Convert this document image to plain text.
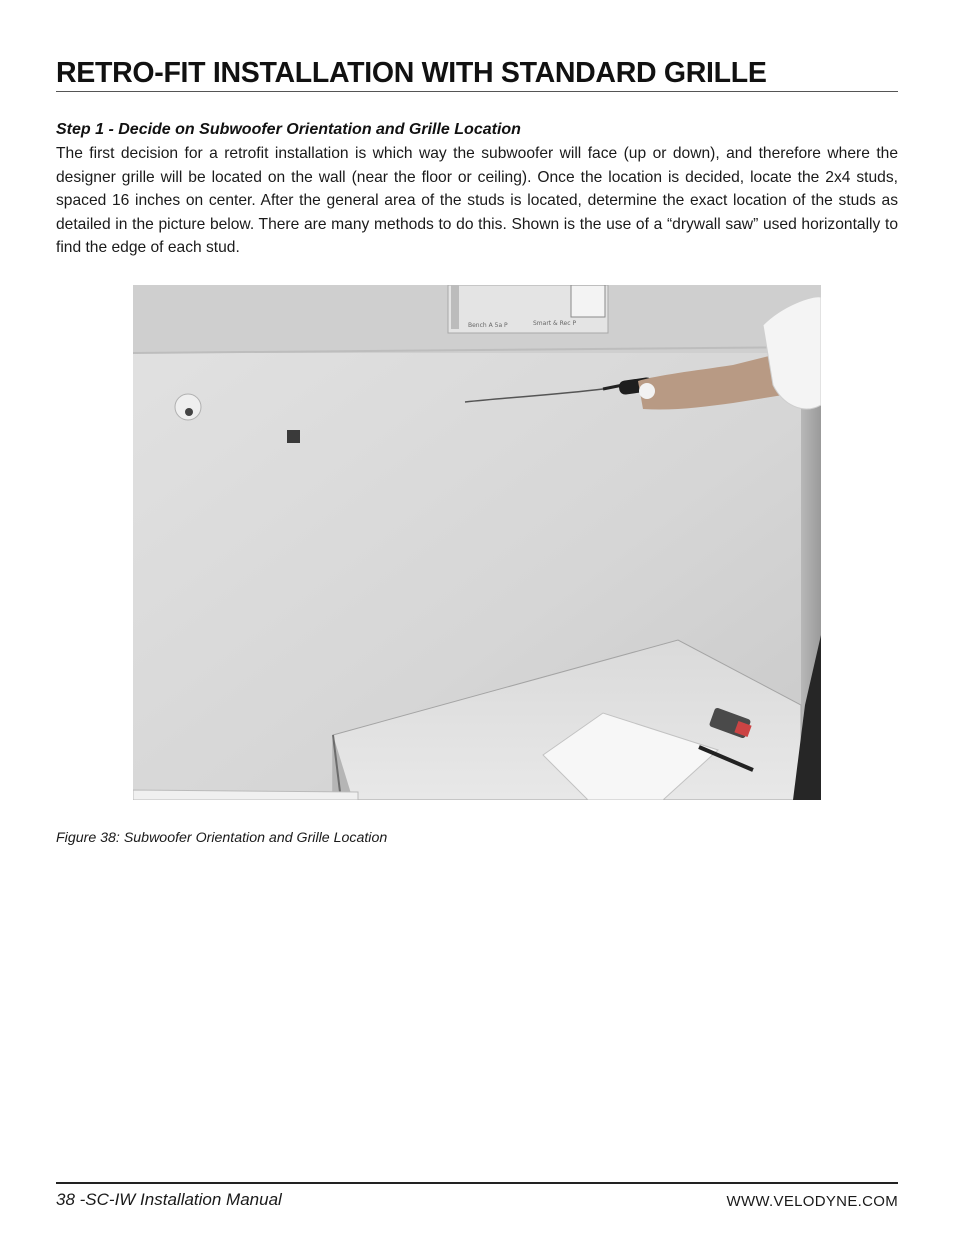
RETRO-FIT INSTALLATION WITH STANDARD GRILLE

Step 1 - Decide on Subwoofer Orientation and Grille Location

The first decision for a retrofit installation is which way the subwoofer will face (up or down), and therefore where the designer grille will be located on the wall (near the floor or ceiling). Once the location is decided, locate the 2x4 studs, spaced 16 inches on center. After the general area of the studs is located, determine the exact location of the studs as detailed in the picture below. There are many methods to do this. Shown is the use of a “drywall saw” used horizontally to find the edge of each stud.

Bench A 5a P	Smart & Rec P

Figure 38: Subwoofer Orientation and Grille Location

38 -SC-IW Installation Manual	WWW.VELODYNE.COM
